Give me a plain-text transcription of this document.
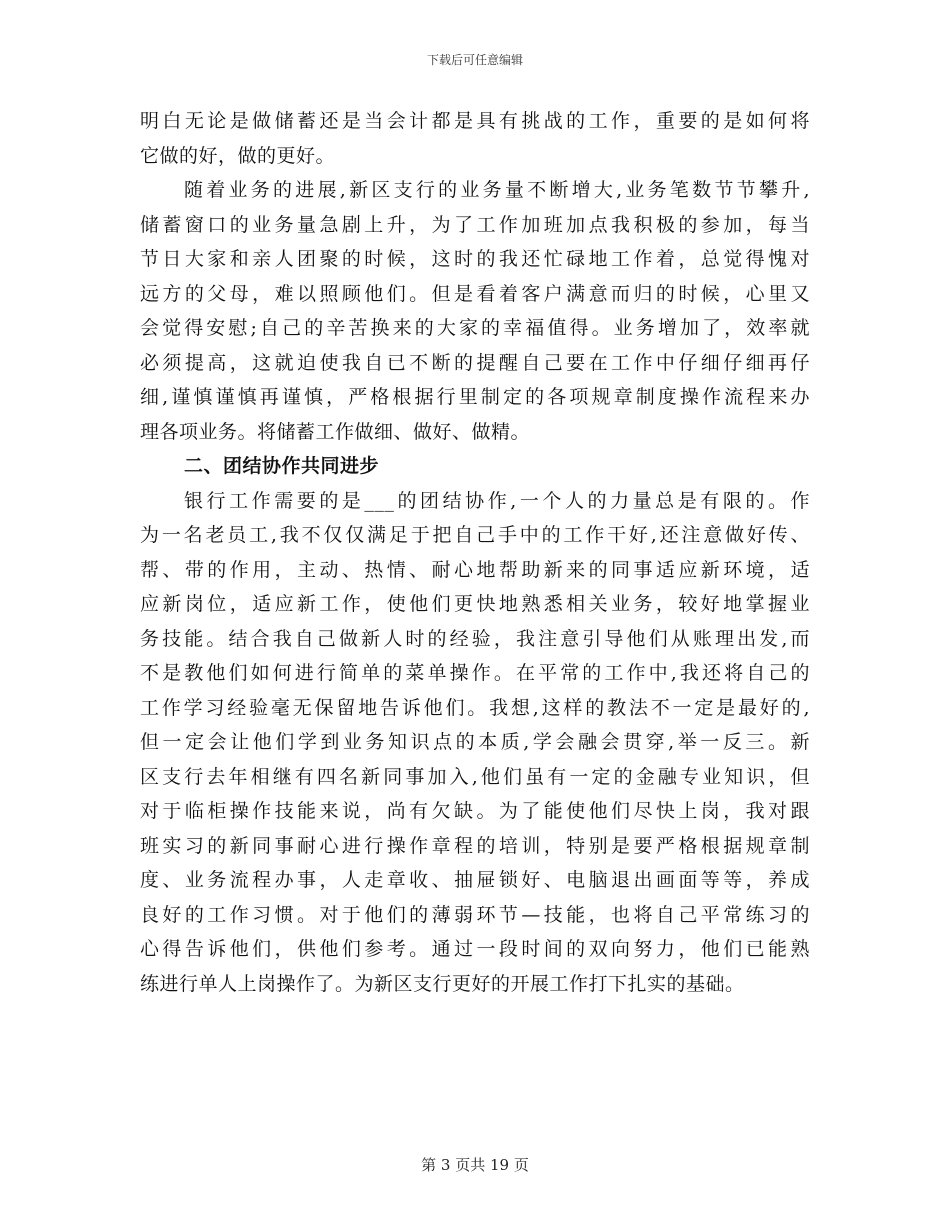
下载后可任意编辑
明白无论是做储蓄还是当会计都是具有挑战的工作，重要的是如何将
它做的好，做的更好。
随着业务的进展,新区支行的业务量不断增大,业务笔数节节攀升,
储蓄窗口的业务量急剧上升，为了工作加班加点我积极的参加，每当
节日大家和亲人团聚的时候，这时的我还忙碌地工作着，总觉得愧对
远方的父母，难以照顾他们。但是看着客户满意而归的时候，心里又
会觉得安慰;自己的辛苦换来的大家的幸福值得。业务增加了，效率就
必须提高，这就迫使我自已不断的提醒自己要在工作中仔细仔细再仔
细,谨慎谨慎再谨慎，严格根据行里制定的各项规章制度操作流程来办
理各项业务。将储蓄工作做细、做好、做精。
二、团结协作共同进步
银行工作需要的是___的团结协作,一个人的力量总是有限的。作
为一名老员工,我不仅仅满足于把自己手中的工作干好,还注意做好传、
帮、带的作用，主动、热情、耐心地帮助新来的同事适应新环境，适
应新岗位，适应新工作，使他们更快地熟悉相关业务，较好地掌握业
务技能。结合我自己做新人时的经验，我注意引导他们从账理出发,而
不是教他们如何进行简单的菜单操作。在平常的工作中,我还将自己的
工作学习经验毫无保留地告诉他们。我想,这样的教法不一定是最好的,
但一定会让他们学到业务知识点的本质,学会融会贯穿,举一反三。新
区支行去年相继有四名新同事加入,他们虽有一定的金融专业知识，但
对于临柜操作技能来说，尚有欠缺。为了能使他们尽快上岗，我对跟
班实习的新同事耐心进行操作章程的培训，特别是要严格根据规章制
度、业务流程办事，人走章收、抽屉锁好、电脑退出画面等等，养成
良好的工作习惯。对于他们的薄弱环节—技能，也将自己平常练习的
心得告诉他们，供他们参考。通过一段时间的双向努力，他们已能熟
练进行单人上岗操作了。为新区支行更好的开展工作打下扎实的基础。
第 3 页共 19 页
